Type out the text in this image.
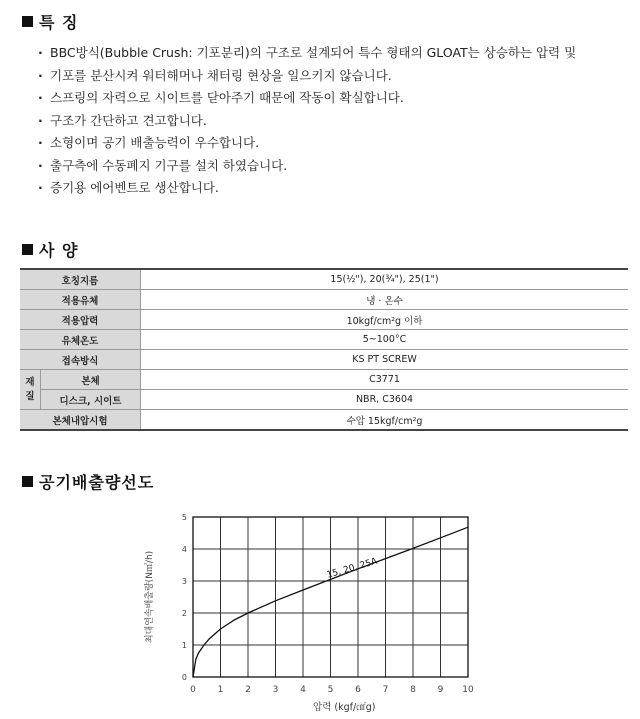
특 징
· BBC방식(Bubble Crush: 기포분리)의 구조로 설계되어 특수 형태의 GLOAT는 상승하는 압력 및
· 기포를 분산시켜 워터해머나 채터링 현상을 일으키지 않습니다.
· 스프링의 자력으로 시이트를 닫아주기 때문에 작동이 확실합니다.
· 구조가 간단하고 견고합니다.
· 소형이며 공기 배출능력이 우수합니다.
· 출구측에 수동폐지 기구를 설치 하였습니다.
· 증기용 에어벤트로 생산합니다.
사 양
호칭지름		15(½"), 20(¾"), 25(1")
적용유체		냉 · 온수
적용압력		10kgf/cm²g 이하
유체온도		5~100°C
접속방식		KS PT SCREW
재 질	본체	C3771
	디스크, 시이트	NBR, C3604
본체내압시험		수압 15kgf/cm²g
공기배출량선도
0 1 2 3 4 5 6 7 8 9 10
0
1
2
3
4
5
15, 20, 25A
압력 (kgf/㎠g)
최대연속배출량(N㎥/h)
